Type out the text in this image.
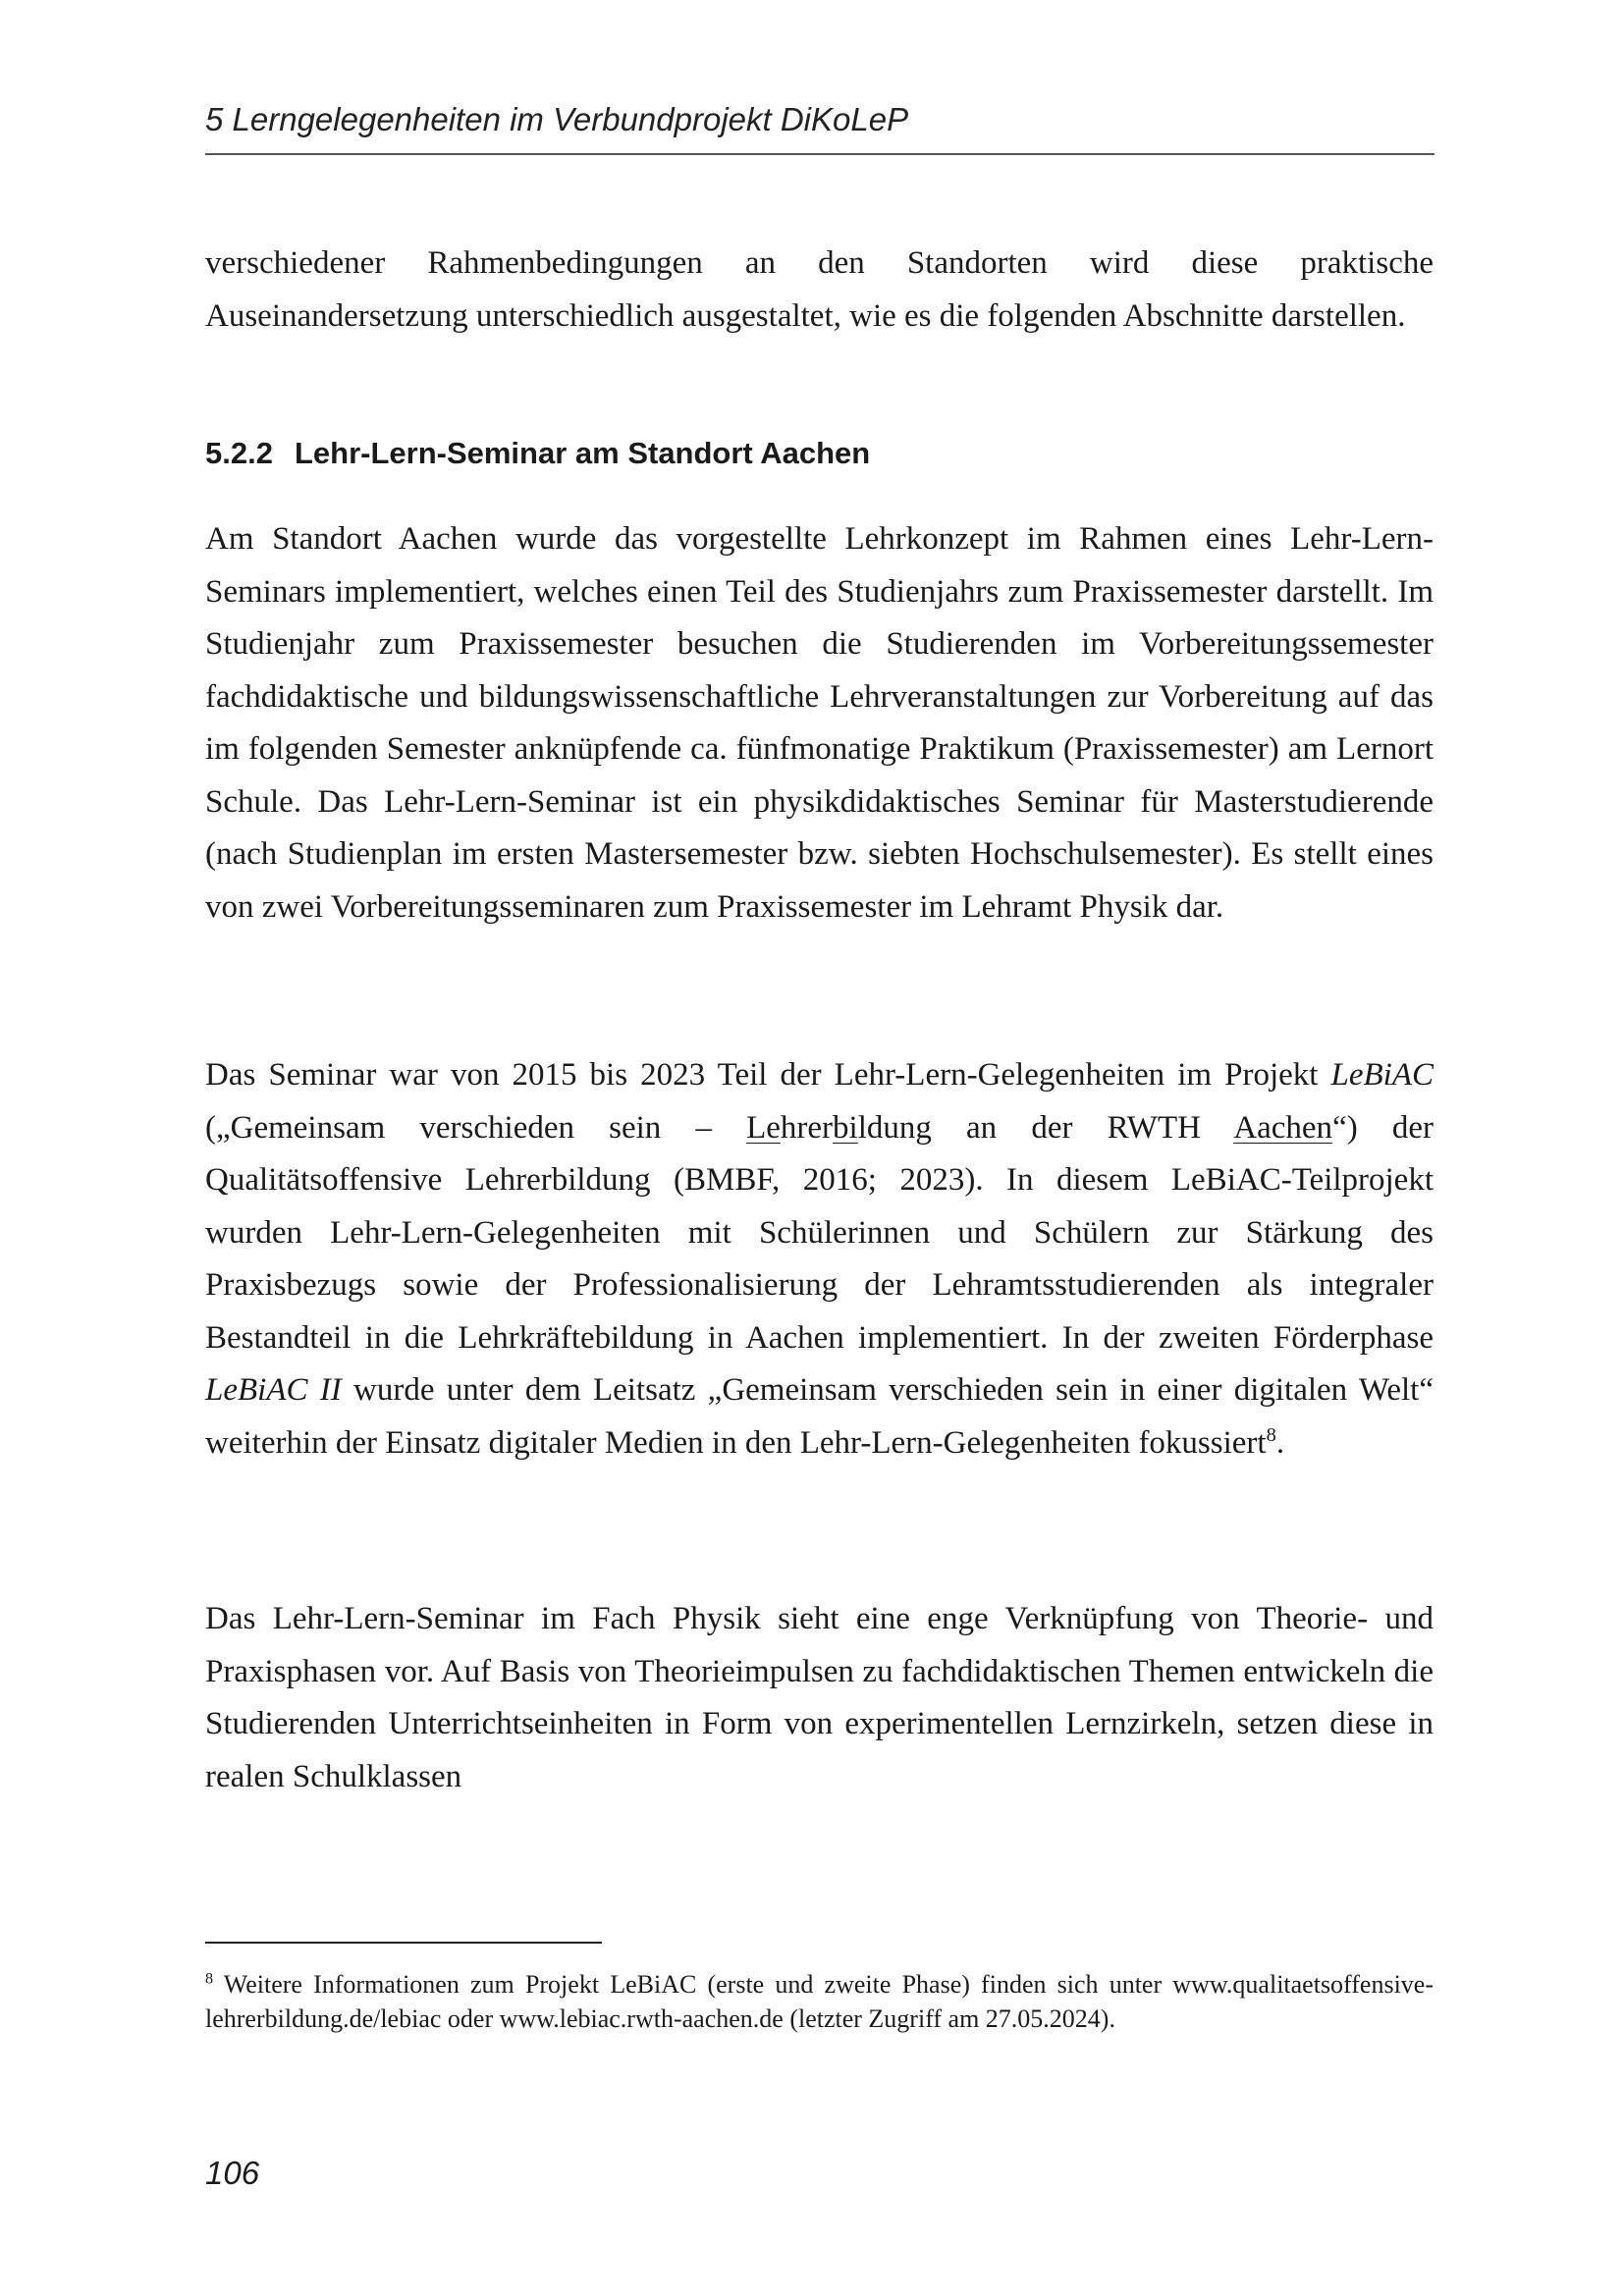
5 Lerngelegenheiten im Verbundprojekt DiKoLeP

verschiedener Rahmenbedingungen an den Standorten wird diese praktische Auseinandersetzung unterschiedlich ausgestaltet, wie es die folgenden Abschnitte darstellen.

5.2.2 Lehr-Lern-Seminar am Standort Aachen

Am Standort Aachen wurde das vorgestellte Lehrkonzept im Rahmen eines Lehr-Lern-Seminars implementiert, welches einen Teil des Studienjahrs zum Praxissemester darstellt. Im Studienjahr zum Praxissemester besuchen die Studierenden im Vorbereitungssemester fachdidaktische und bildungswissenschaftliche Lehrveranstaltungen zur Vorbereitung auf das im folgenden Semester anknüpfende ca. fünfmonatige Praktikum (Praxissemester) am Lernort Schule. Das Lehr-Lern-Seminar ist ein physikdidaktisches Seminar für Masterstudierende (nach Studienplan im ersten Mastersemester bzw. siebten Hochschulsemester). Es stellt eines von zwei Vorbereitungsseminaren zum Praxissemester im Lehramt Physik dar.

Das Seminar war von 2015 bis 2023 Teil der Lehr-Lern-Gelegenheiten im Projekt LeBiAC („Gemeinsam verschieden sein – Lehrerbildung an der RWTH Aachen“) der Qualitätsoffensive Lehrerbildung (BMBF, 2016; 2023). In diesem LeBiAC-Teilprojekt wurden Lehr-Lern-Gelegenheiten mit Schülerinnen und Schülern zur Stärkung des Praxisbezugs sowie der Professionalisierung der Lehramtsstudierenden als integraler Bestandteil in die Lehrkräftebildung in Aachen implementiert. In der zweiten Förderphase LeBiAC II wurde unter dem Leitsatz „Gemeinsam verschieden sein in einer digitalen Welt“ weiterhin der Einsatz digitaler Medien in den Lehr-Lern-Gelegenheiten fokussiert$^8$.

Das Lehr-Lern-Seminar im Fach Physik sieht eine enge Verknüpfung von Theorie- und Praxisphasen vor. Auf Basis von Theorieimpulsen zu fachdidaktischen Themen entwickeln die Studierenden Unterrichtseinheiten in Form von experimentellen Lernzirkeln, setzen diese in realen Schulklassen

$^8$ Weitere Informationen zum Projekt LeBiAC (erste und zweite Phase) finden sich unter www.qualitaetsoffensive-lehrerbildung.de/lebiac oder www.lebiac.rwth-aachen.de (letzter Zugriff am 27.05.2024).

106
